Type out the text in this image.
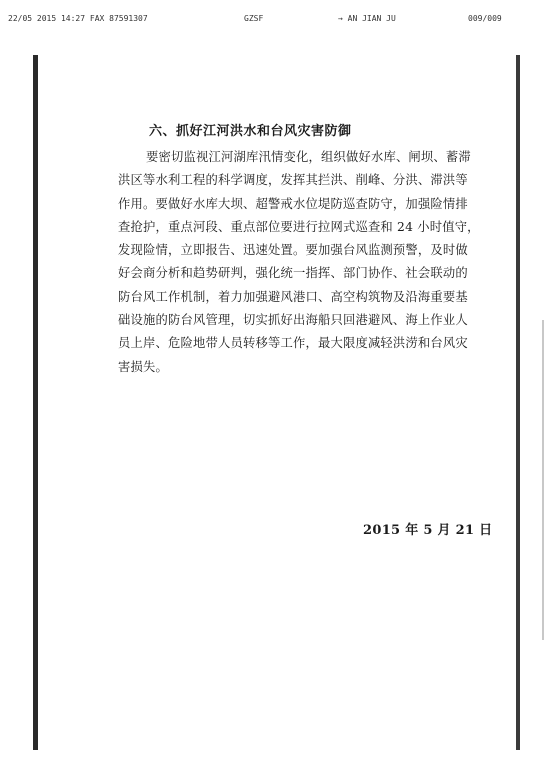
22/05 2015 14:27 FAX 87591307	GZSF	→ AN JIAN JU	009/009
六、抓好江河洪水和台风灾害防御
要密切监视江河湖库汛情变化，组织做好水库、闸坝、蓄滞
洪区等水利工程的科学调度，发挥其拦洪、削峰、分洪、滞洪等
作用。要做好水库大坝、超警戒水位堤防巡查防守，加强险情排
查抢护，重点河段、重点部位要进行拉网式巡查和 24 小时值守，
发现险情，立即报告、迅速处置。要加强台风监测预警，及时做
好会商分析和趋势研判，强化统一指挥、部门协作、社会联动的
防台风工作机制，着力加强避风港口、高空构筑物及沿海重要基
础设施的防台风管理，切实抓好出海船只回港避风、海上作业人
员上岸、危险地带人员转移等工作，最大限度减轻洪涝和台风灾
害损失。
2015 年 5 月 21 日
